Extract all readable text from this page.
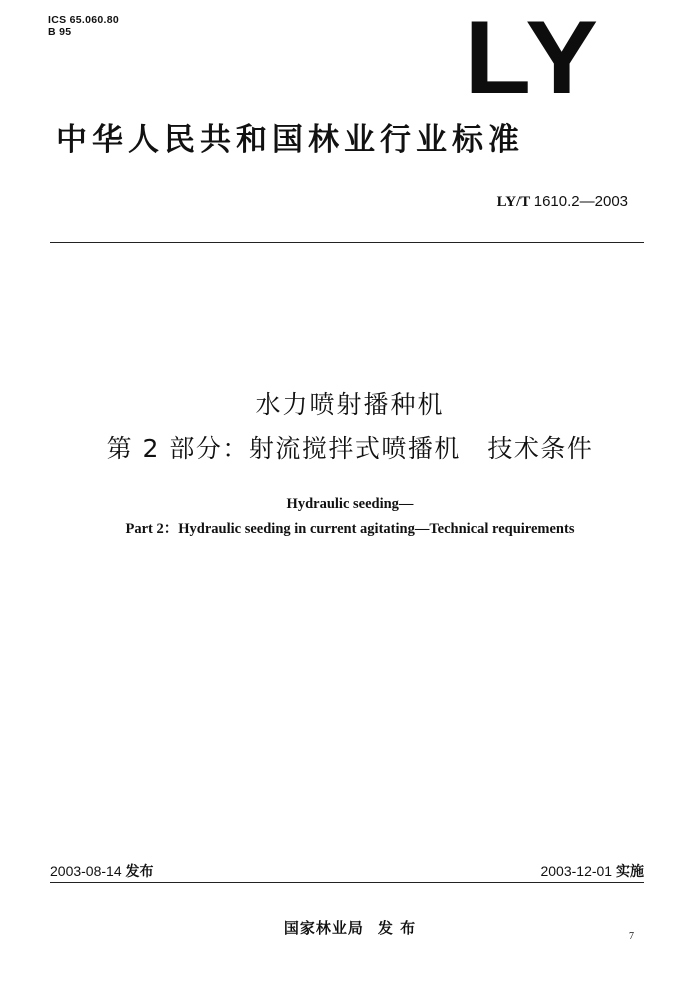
ICS 65.060.80
B 95	LY
中华人民共和国林业行业标准
LY/T 1610.2—2003
水力喷射播种机
第 2 部分：射流搅拌式喷播机　技术条件
Hydraulic seeding—
Part 2：Hydraulic seeding in current agitating—Technical requirements
2003-08-14 发布	2003-12-01 实施
国家林业局 发 布	7
